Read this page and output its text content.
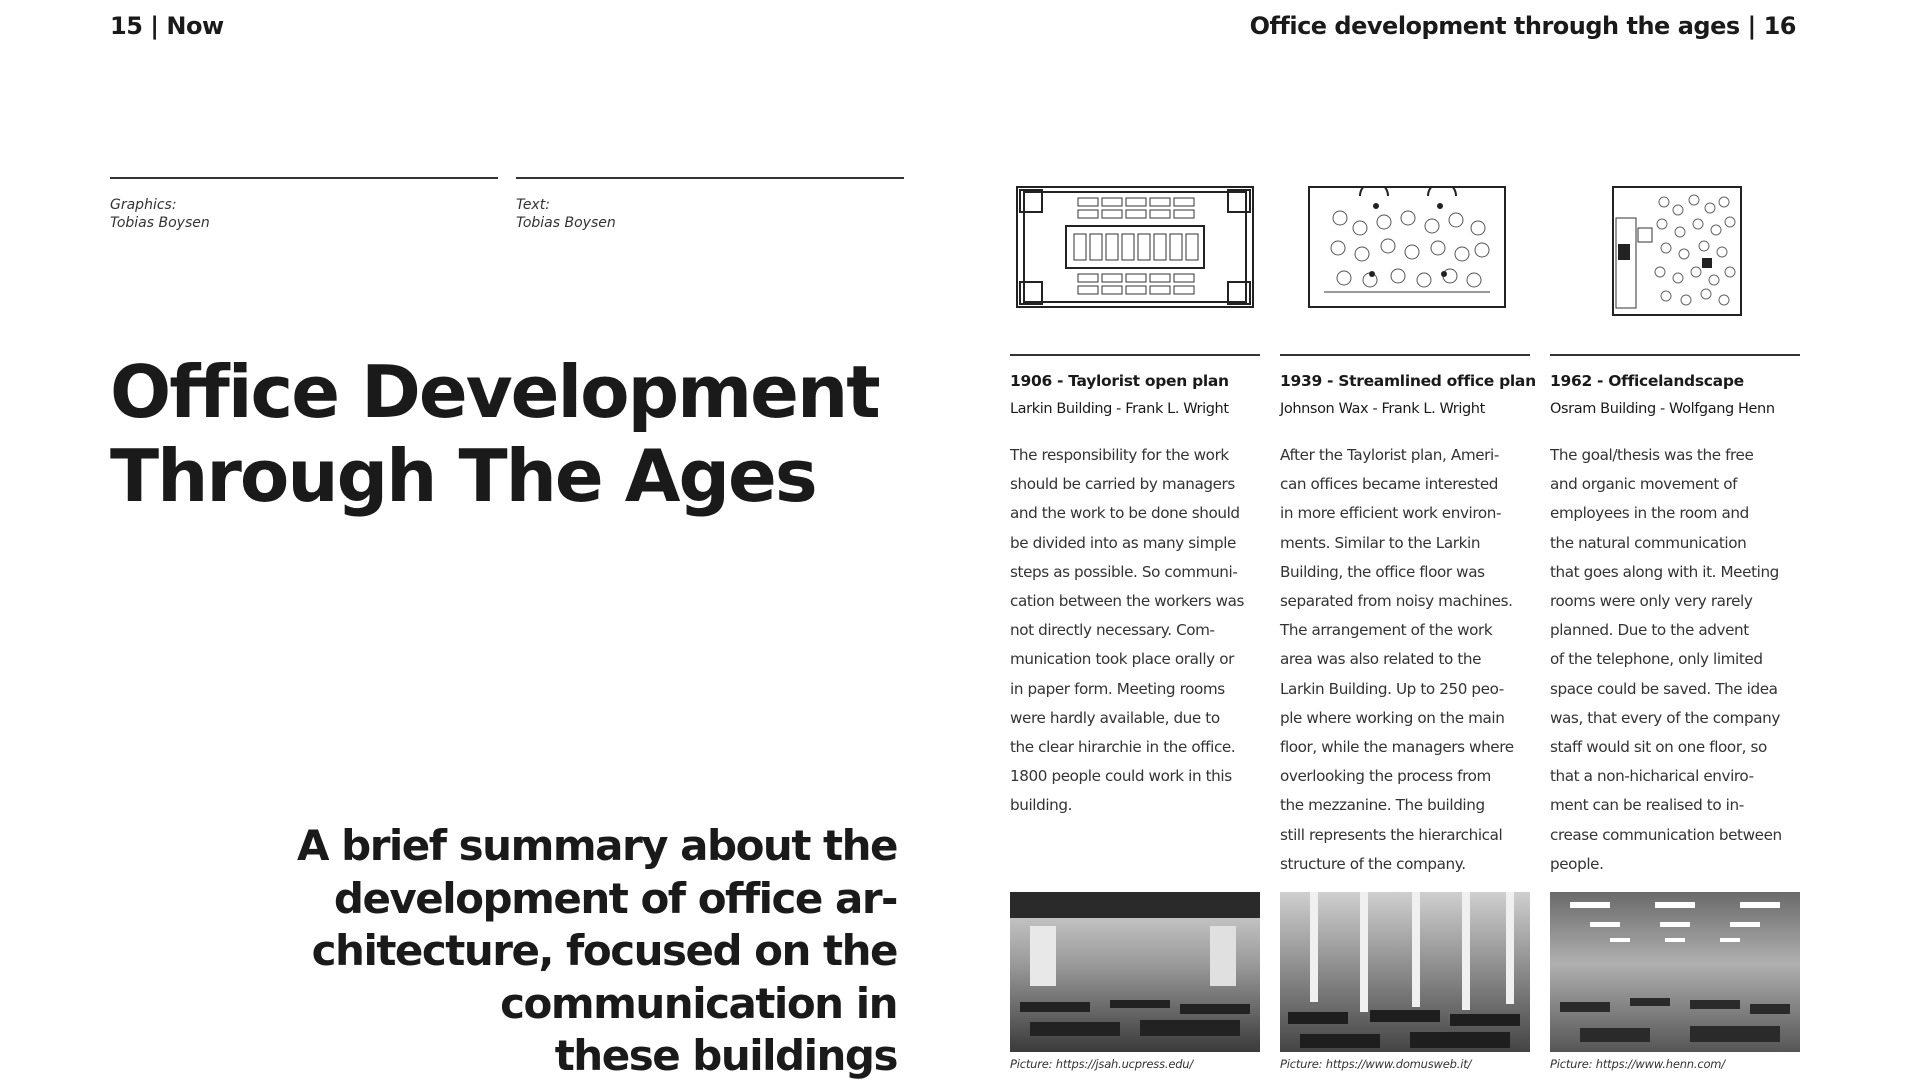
15 | Now	Office development through the ages | 16
Graphics:
Tobias Boysen
Text:
Tobias Boysen
Office Development
Through The Ages
A brief summary about the
development of office ar-
chitecture, focused on the
communication in
these buildings
1906 - Taylorist open plan
Larkin Building - Frank L. Wright
The responsibility for the work
should be carried by managers
and the work to be done should
be divided into as many simple
steps as possible. So communi-
cation between the workers was
not directly necessary. Com-
munication took place orally or
in paper form. Meeting rooms
were hardly available, due to
the clear hirarchie in the office.
1800 people could work in this
building.
Picture: https://jsah.ucpress.edu/
1939 - Streamlined office plan
Johnson Wax - Frank L. Wright
After the Taylorist plan, Ameri-
can offices became interested
in more efficient work environ-
ments. Similar to the Larkin
Building, the office floor was
separated from noisy machines.
The arrangement of the work
area was also related to the
Larkin Building. Up to 250 peo-
ple where working on the main
floor, while the managers where
overlooking the process from
the mezzanine. The building
still represents the hierarchical
structure of the company.
Picture: https://www.domusweb.it/
1962 - Officelandscape
Osram Building - Wolfgang Henn
The goal/thesis was the free
and organic movement of
employees in the room and
the natural communication
that goes along with it. Meeting
rooms were only very rarely
planned. Due to the advent
of the telephone, only limited
space could be saved. The idea
was, that every of the company
staff would sit on one floor, so
that a non-hicharical enviro-
ment can be realised to in-
crease communication between
people.
Picture: https://www.henn.com/
